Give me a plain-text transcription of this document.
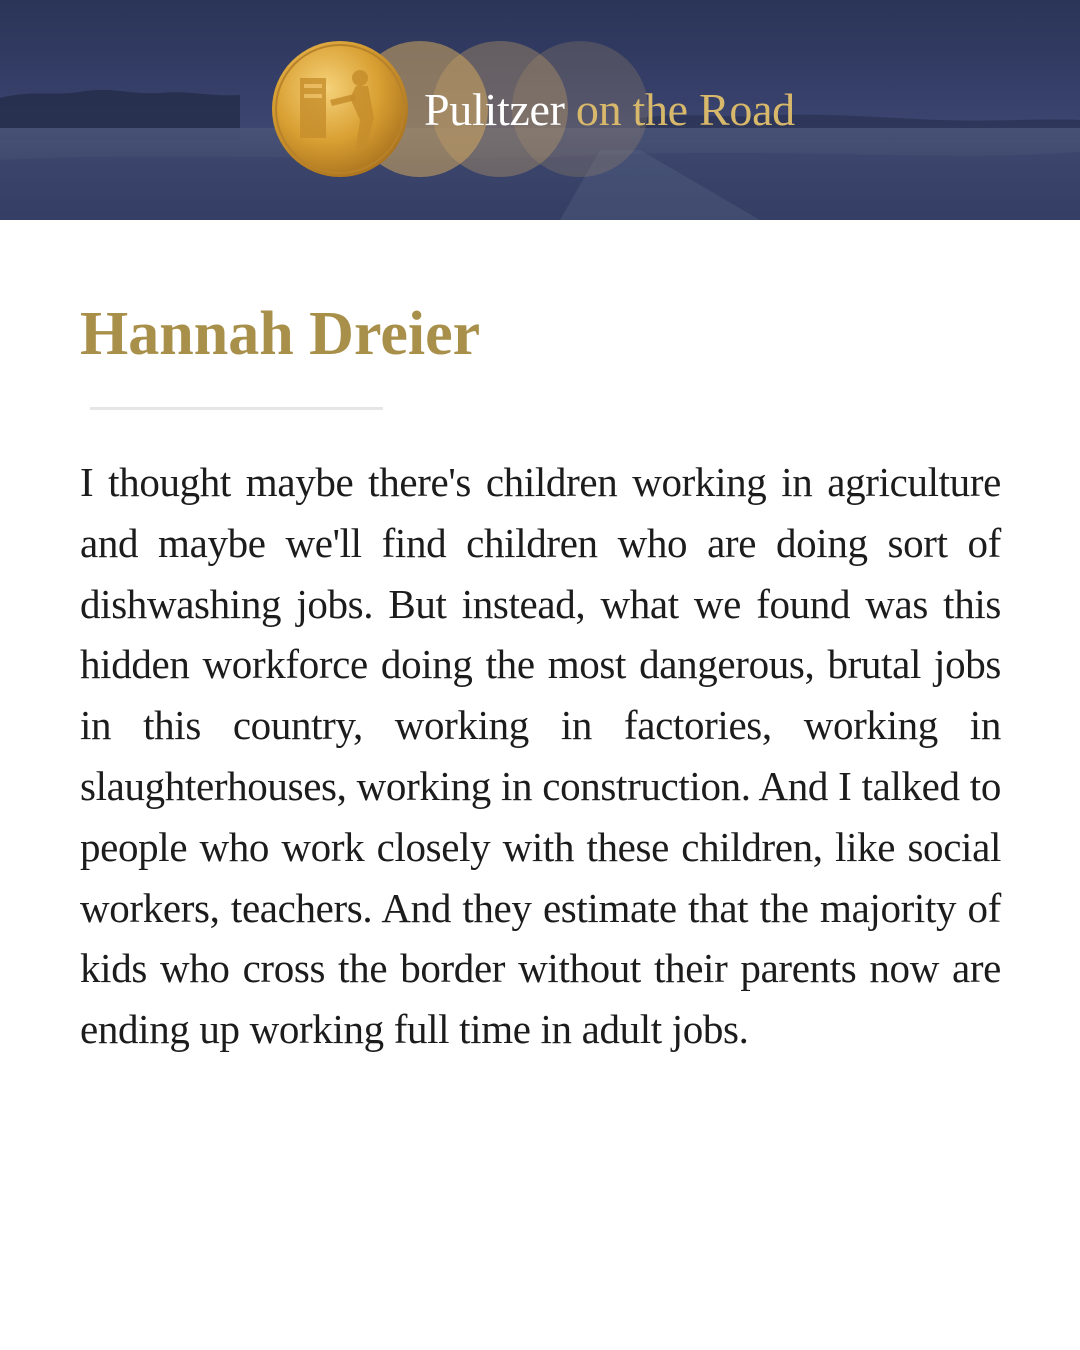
Pulitzer on the Road
Hannah Dreier

I thought maybe there's children working in agriculture and maybe we'll find children who are doing sort of dishwashing jobs. But instead, what we found was this hidden workforce doing the most dangerous, brutal jobs in this country, working in factories, working in slaughterhouses, working in construction. And I talked to people who work closely with these children, like social workers, teachers. And they estimate that the majority of kids who cross the border without their parents now are ending up working full time in adult jobs.
